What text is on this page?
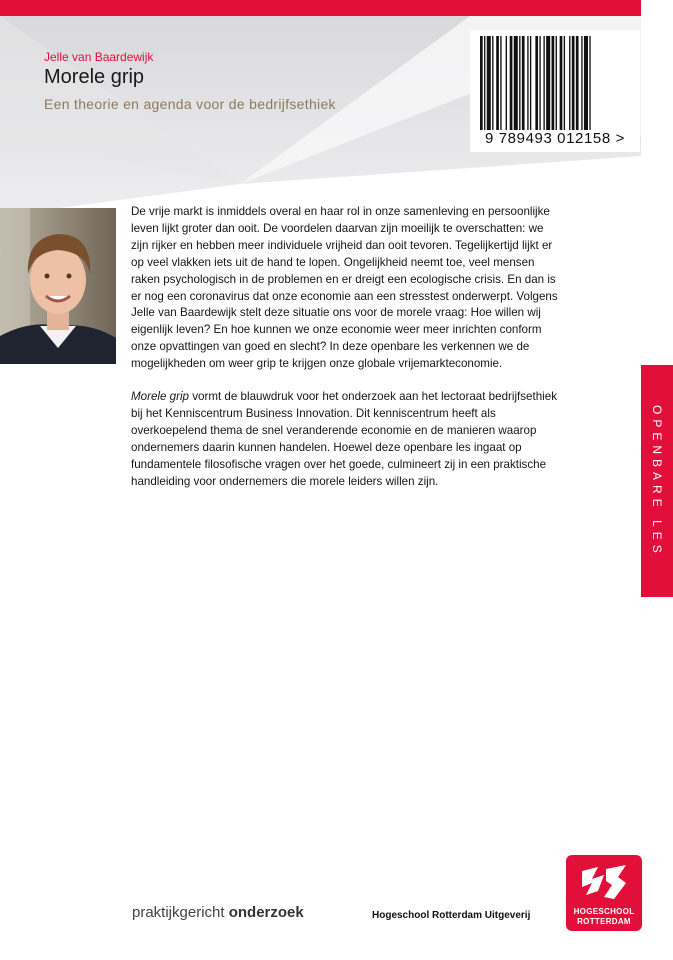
Jelle van Baardewijk
Morele grip
Een theorie en agenda voor de bedrijfsethiek
9 789493 012158 >

De vrije markt is inmiddels overal en haar rol in onze samenleving en persoonlijke leven lijkt groter dan ooit. De voordelen daarvan zijn moeilijk te overschatten: we zijn rijker en hebben meer individuele vrijheid dan ooit tevoren. Tegelijkertijd lijkt er op veel vlakken iets uit de hand te lopen. Ongelijkheid neemt toe, veel mensen raken psychologisch in de problemen en er dreigt een ecologische crisis. En dan is er nog een coronavirus dat onze economie aan een stresstest onderwerpt. Volgens Jelle van Baardewijk stelt deze situatie ons voor de morele vraag: Hoe willen wij eigenlijk leven? En hoe kunnen we onze economie weer meer inrichten conform onze opvattingen van goed en slecht? In deze openbare les verkennen we de mogelijkheden om weer grip te krijgen onze globale vrijemarkteconomie.

Morele grip vormt de blauwdruk voor het onderzoek aan het lectoraat bedrijfsethiek bij het Kenniscentrum Business Innovation. Dit kenniscentrum heeft als overkoepelend thema de snel veranderende economie en de manieren waarop ondernemers daarin kunnen handelen. Hoewel deze openbare les ingaat op fundamentele filosofische vragen over het goede, culmineert zij in een praktische handleiding voor ondernemers die morele leiders willen zijn.	OPENBARE LES
praktijkgericht onderzoek	Hogeschool Rotterdam Uitgeverij	HOGESCHOOL
ROTTERDAM
